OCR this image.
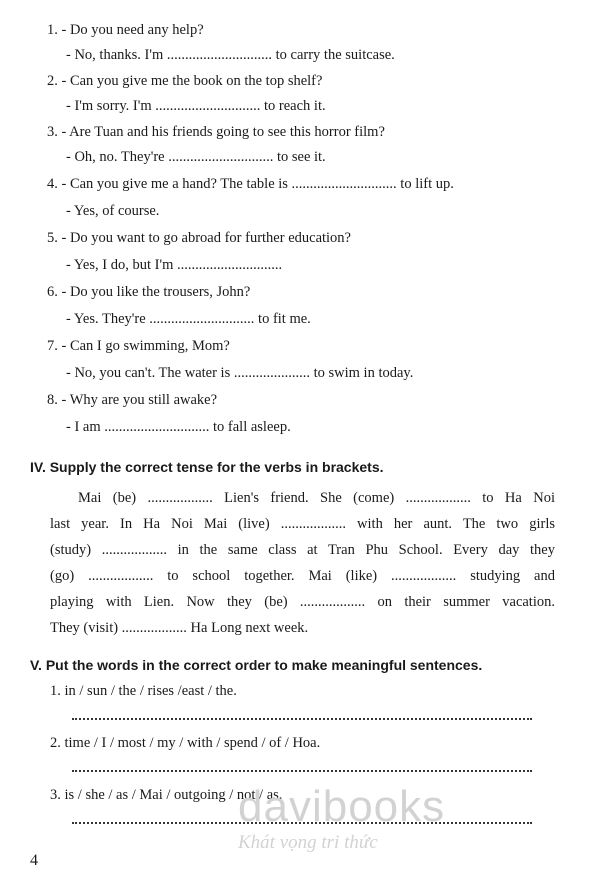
1. - Do you need any help?
- No, thanks. I'm ............................. to carry the suitcase.
2. - Can you give me the book on the top shelf?
- I'm sorry. I'm ............................. to reach it.
3. - Are Tuan and his friends going to see this horror film?
- Oh, no. They're ............................. to see it.
4. - Can you give me a hand? The table is ............................. to lift up.
- Yes, of course.
5. - Do you want to go abroad for further education?
- Yes, I do, but I'm .............................
6. - Do you like the trousers, John?
- Yes. They're ............................. to fit me.
7. - Can I go swimming, Mom?
- No, you can't. The water is ..................... to swim in today.
8. - Why are you still awake?
- I am ............................. to fall asleep.
IV. Supply the correct tense for the verbs in brackets.
Mai (be) .................. Lien's friend. She (come) .................. to Ha Noi
last year. In Ha Noi Mai (live) .................. with her aunt. The two girls
(study) .................. in the same class at Tran Phu School. Every day they
(go) .................. to school together. Mai (like) .................. studying and
playing with Lien. Now they (be) .................. on their summer vacation.
They (visit) .................. Ha Long next week.
V. Put the words in the correct order to make meaningful sentences.
1. in / sun / the / rises /east / the.
2. time / I / most / my / with / spend / of / Hoa.
3. is / she / as / Mai / outgoing / not / as.
davibooks
Khát vọng tri thức
4
